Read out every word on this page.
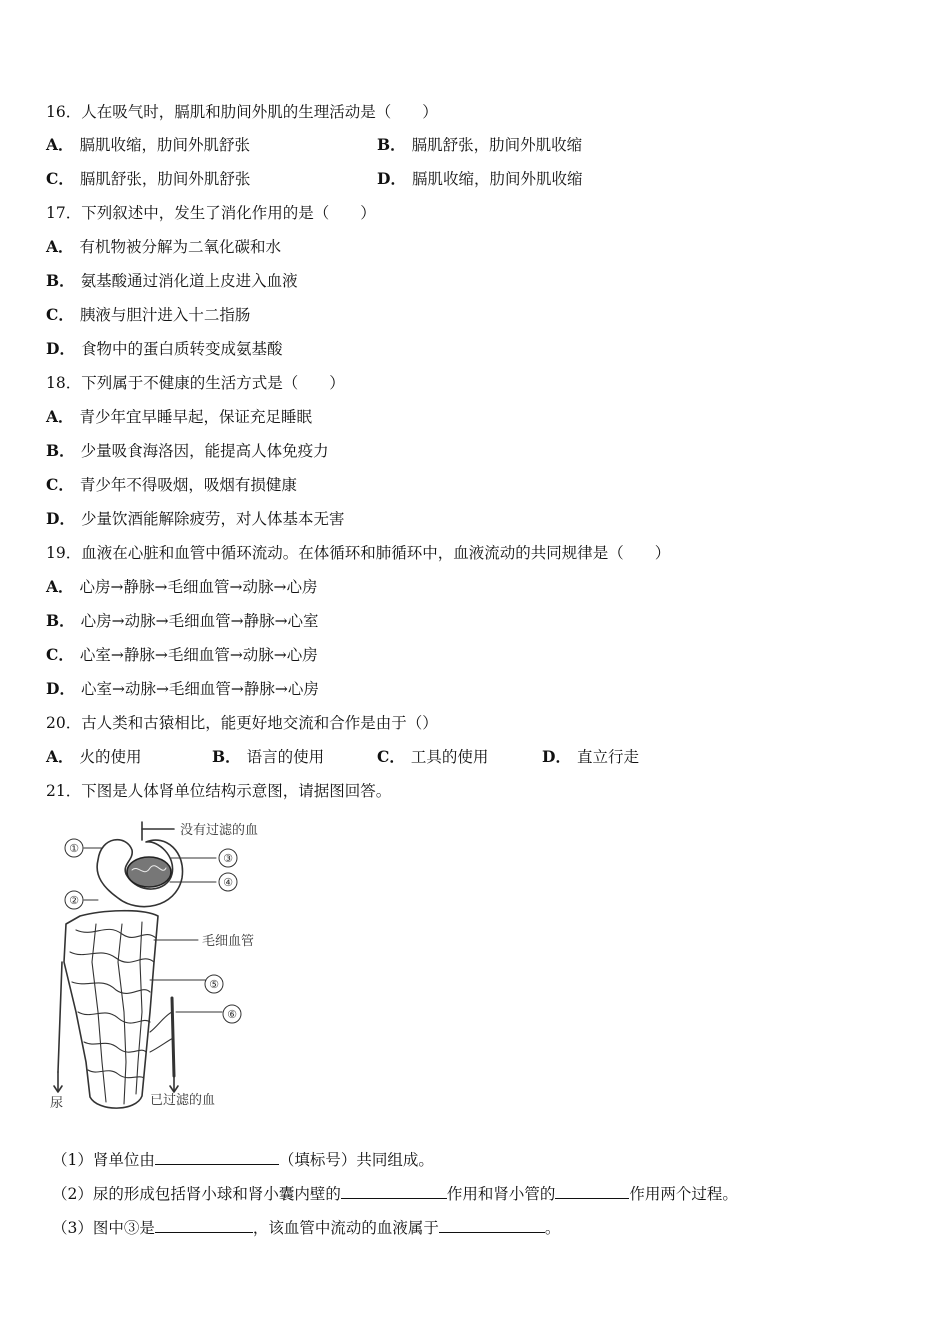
16．人在吸气时，膈肌和肋间外肌的生理活动是（　　）
A． 膈肌收缩，肋间外肌舒张	B． 膈肌舒张，肋间外肌收缩
C． 膈肌舒张，肋间外肌舒张	D． 膈肌收缩，肋间外肌收缩
17．下列叙述中，发生了消化作用的是（　　）
A． 有机物被分解为二氧化碳和水
B． 氨基酸通过消化道上皮进入血液
C． 胰液与胆汁进入十二指肠
D． 食物中的蛋白质转变成氨基酸
18．下列属于不健康的生活方式是（　　）
A． 青少年宜早睡早起，保证充足睡眠
B． 少量吸食海洛因，能提高人体免疫力
C． 青少年不得吸烟，吸烟有损健康
D． 少量饮酒能解除疲劳，对人体基本无害
19．血液在心脏和血管中循环流动。在体循环和肺循环中，血液流动的共同规律是（　　）
A． 心房→静脉→毛细血管→动脉→心房
B． 心房→动脉→毛细血管→静脉→心室
C． 心室→静脉→毛细血管→动脉→心房
D． 心室→动脉→毛细血管→静脉→心房
20．古人类和古猿相比，能更好地交流和合作是由于（）
A． 火的使用	B． 语言的使用	C． 工具的使用	D． 直立行走
21．下图是人体肾单位结构示意图，请据图回答。
①
②
③
④
⑤
⑥
没有过滤的血
毛细血管
尿	已过滤的血
（1）肾单位由	（填标号）共同组成。
（2）尿的形成包括肾小球和肾小囊内壁的	作用和肾小管的	作用两个过程。
（3）图中③是	，该血管中流动的血液属于	。
